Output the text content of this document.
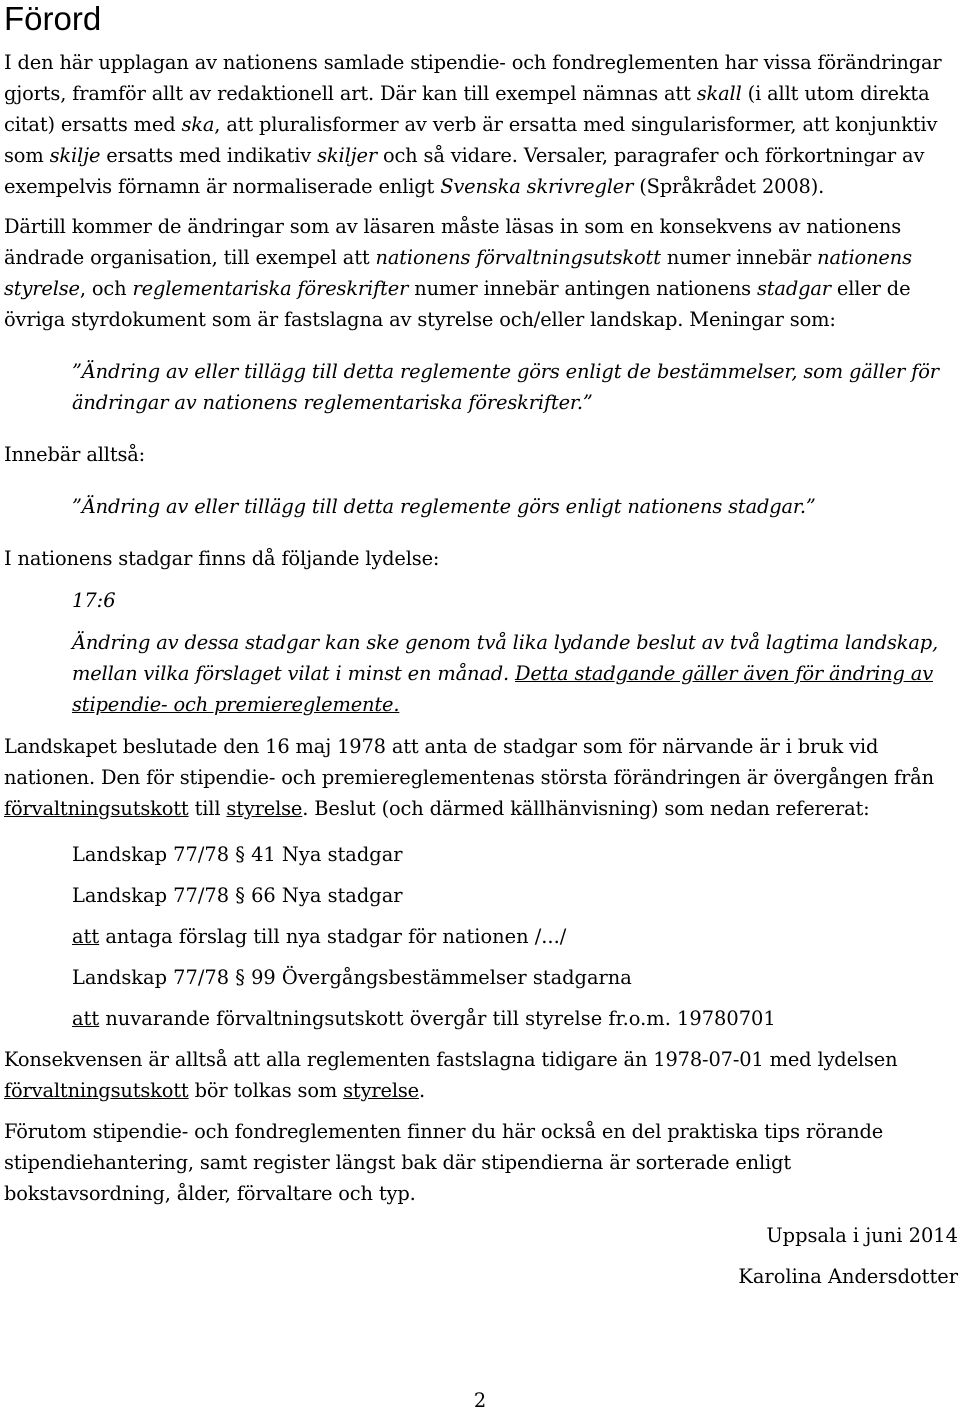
Förord

I den här upplagan av nationens samlade stipendie- och fondreglementen har vissa förändringar gjorts, framför allt av redaktionell art. Där kan till exempel nämnas att skall (i allt utom direkta citat) ersatts med ska, att pluralisformer av verb är ersatta med singularisformer, att konjunktiv som skilje ersatts med indikativ skiljer och så vidare. Versaler, paragrafer och förkortningar av exempelvis förnamn är normaliserade enligt Svenska skrivregler (Språkrådet 2008).

Därtill kommer de ändringar som av läsaren måste läsas in som en konsekvens av nationens ändrade organisation, till exempel att nationens förvaltningsutskott numer innebär nationens styrelse, och reglementariska föreskrifter numer innebär antingen nationens stadgar eller de övriga styrdokument som är fastslagna av styrelse och/eller landskap. Meningar som:

”Ändring av eller tillägg till detta reglemente görs enligt de bestämmelser, som gäller för ändringar av nationens reglementariska föreskrifter.”

Innebär alltså:

”Ändring av eller tillägg till detta reglemente görs enligt nationens stadgar.”

I nationens stadgar finns då följande lydelse:

17:6

Ändring av dessa stadgar kan ske genom två lika lydande beslut av två lagtima landskap, mellan vilka förslaget vilat i minst en månad. Detta stadgande gäller även för ändring av stipendie- och premiereglemente.

Landskapet beslutade den 16 maj 1978 att anta de stadgar som för närvande är i bruk vid nationen. Den för stipendie- och premiereglementenas största förändringen är övergången från förvaltningsutskott till styrelse. Beslut (och därmed källhänvisning) som nedan refererat:

Landskap 77/78 § 41 Nya stadgar

Landskap 77/78 § 66 Nya stadgar

att antaga förslag till nya stadgar för nationen /.../

Landskap 77/78 § 99 Övergångsbestämmelser stadgarna

att nuvarande förvaltningsutskott övergår till styrelse fr.o.m. 19780701

Konsekvensen är alltså att alla reglementen fastslagna tidigare än 1978-07-01 med lydelsen förvaltningsutskott bör tolkas som styrelse.

Förutom stipendie- och fondreglementen finner du här också en del praktiska tips rörande stipendiehantering, samt register längst bak där stipendierna är sorterade enligt bokstavsordning, ålder, förvaltare och typ.

Uppsala i juni 2014

Karolina Andersdotter

2
